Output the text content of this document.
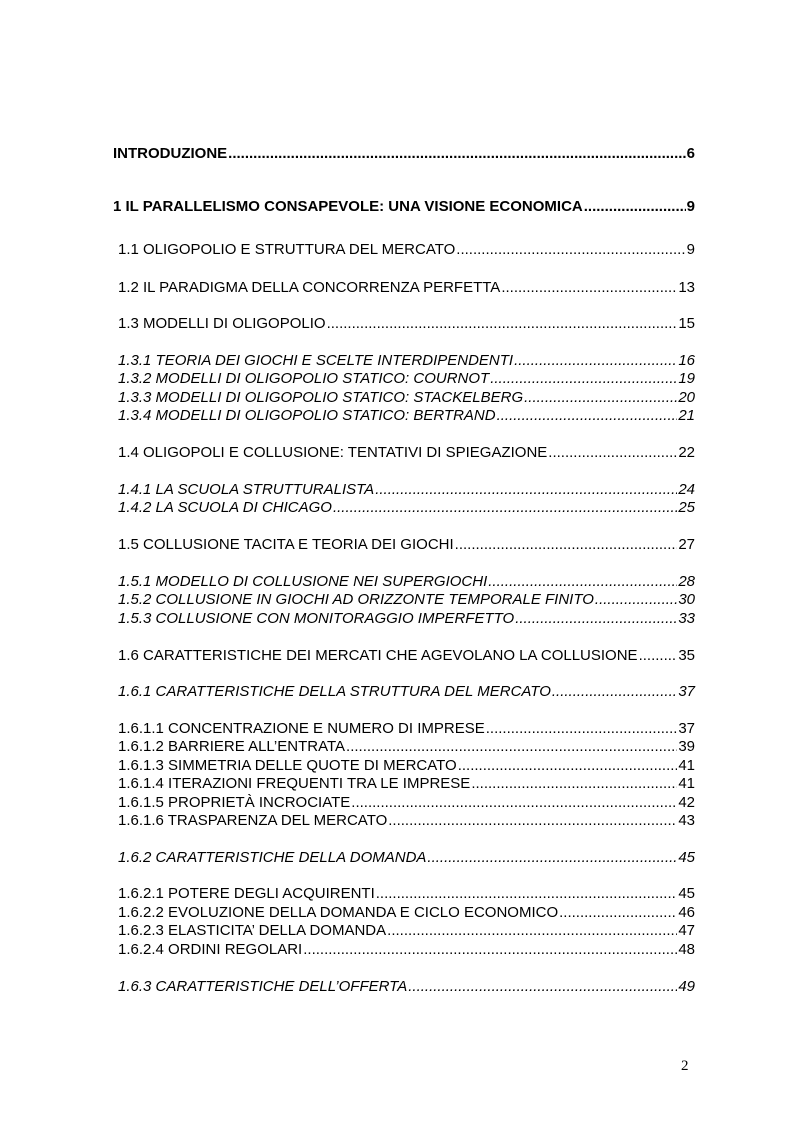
INTRODUZIONE .....	6
1 IL PARALLELISMO CONSAPEVOLE: UNA VISIONE ECONOMICA .....	9
1.1 OLIGOPOLIO E STRUTTURA DEL MERCATO .....	9
1.2 IL PARADIGMA DELLA CONCORRENZA PERFETTA .....	13
1.3 MODELLI DI OLIGOPOLIO .....	15
1.3.1 TEORIA DEI GIOCHI E SCELTE INTERDIPENDENTI .....	16
1.3.2 MODELLI DI OLIGOPOLIO STATICO: COURNOT .....	19
1.3.3 MODELLI DI OLIGOPOLIO STATICO: STACKELBERG .....	20
1.3.4 MODELLI DI OLIGOPOLIO STATICO: BERTRAND .....	21
1.4 OLIGOPOLI E COLLUSIONE: TENTATIVI DI SPIEGAZIONE .....	22
1.4.1 LA SCUOLA STRUTTURALISTA .....	24
1.4.2 LA SCUOLA DI CHICAGO .....	25
1.5 COLLUSIONE TACITA E TEORIA DEI GIOCHI .....	27
1.5.1 MODELLO DI COLLUSIONE NEI SUPERGIOCHI .....	28
1.5.2 COLLUSIONE IN GIOCHI AD ORIZZONTE TEMPORALE FINITO .....	30
1.5.3 COLLUSIONE CON MONITORAGGIO IMPERFETTO .....	33
1.6 CARATTERISTICHE DEI MERCATI CHE AGEVOLANO LA COLLUSIONE .....	35
1.6.1 CARATTERISTICHE DELLA STRUTTURA DEL MERCATO .....	37
1.6.1.1 CONCENTRAZIONE E NUMERO DI IMPRESE .....	37
1.6.1.2 BARRIERE ALL’ENTRATA .....	39
1.6.1.3 SIMMETRIA DELLE QUOTE DI MERCATO .....	41
1.6.1.4 ITERAZIONI FREQUENTI TRA LE IMPRESE .....	41
1.6.1.5 PROPRIETÀ INCROCIATE .....	42
1.6.1.6 TRASPARENZA DEL MERCATO .....	43
1.6.2 CARATTERISTICHE DELLA DOMANDA .....	45
1.6.2.1 POTERE DEGLI ACQUIRENTI .....	45
1.6.2.2 EVOLUZIONE DELLA DOMANDA E CICLO ECONOMICO .....	46
1.6.2.3 ELASTICITA’ DELLA DOMANDA .....	47
1.6.2.4 ORDINI REGOLARI .....	48
1.6.3 CARATTERISTICHE DELL’OFFERTA .....	49
2
